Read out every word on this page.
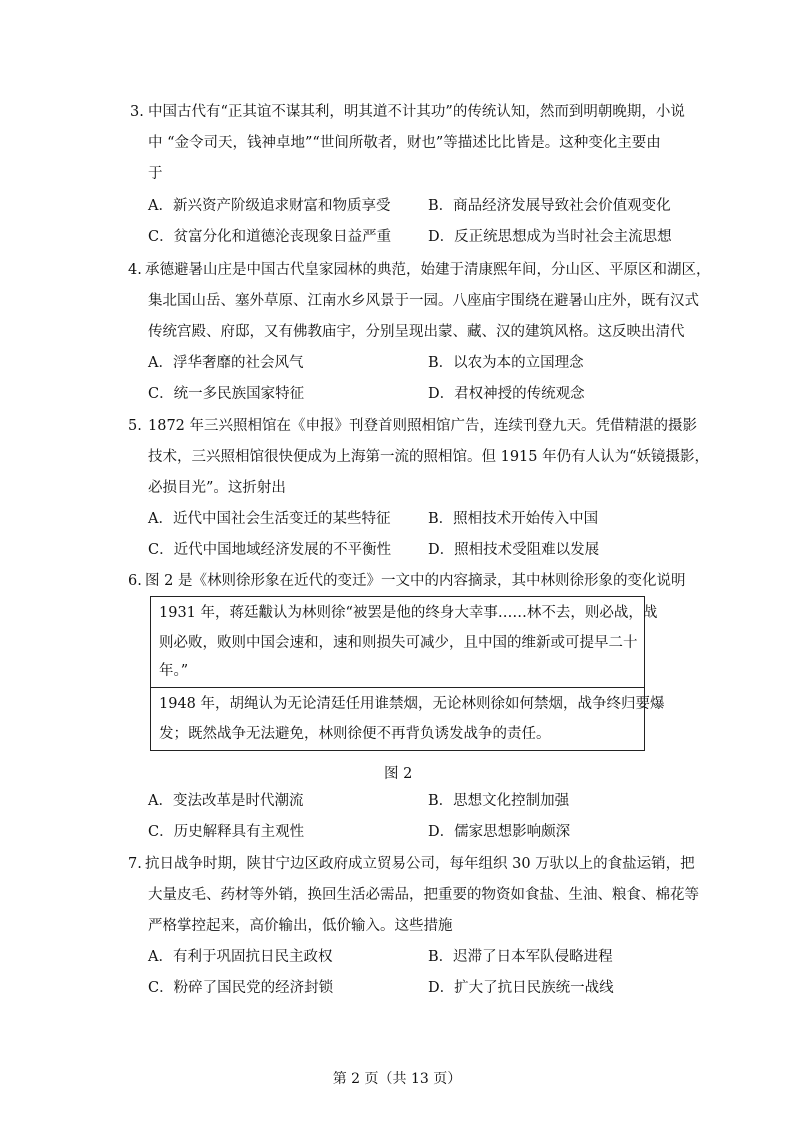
3. 中国古代有“正其谊不谋其利，明其道不计其功”的传统认知，然而到明朝晚期，小说
中 “金令司天，钱神卓地”“世间所敬者，财也”等描述比比皆是。这种变化主要由
于
A．新兴资产阶级追求财富和物质享受	B．商品经济发展导致社会价值观变化
C．贫富分化和道德沦丧现象日益严重	D．反正统思想成为当时社会主流思想
4. 承德避暑山庄是中国古代皇家园林的典范，始建于清康熙年间，分山区、平原区和湖区，
集北国山岳、塞外草原、江南水乡风景于一园。八座庙宇围绕在避暑山庄外，既有汉式
传统宫殿、府邸，又有佛教庙宇，分别呈现出蒙、藏、汉的建筑风格。这反映出清代
A．浮华奢靡的社会风气	B．以农为本的立国理念
C．统一多民族国家特征	D．君权神授的传统观念
5. 1872 年三兴照相馆在《申报》刊登首则照相馆广告，连续刊登九天。凭借精湛的摄影
技术，三兴照相馆很快便成为上海第一流的照相馆。但 1915 年仍有人认为“妖镜摄影，
必损目光”。这折射出
A．近代中国社会生活变迁的某些特征	B．照相技术开始传入中国
C．近代中国地域经济发展的不平衡性	D．照相技术受阻难以发展
6. 图 2 是《林则徐形象在近代的变迁》一文中的内容摘录，其中林则徐形象的变化说明
1931 年，蒋廷黻认为林则徐“被罢是他的终身大幸事……林不去，则必战，战
则必败，败则中国会速和，速和则损失可减少，且中国的维新或可提早二十
年。”
1948 年，胡绳认为无论清廷任用谁禁烟，无论林则徐如何禁烟，战争终归要爆
发；既然战争无法避免，林则徐便不再背负诱发战争的责任。
图 2
A．变法改革是时代潮流	B．思想文化控制加强
C．历史解释具有主观性	D．儒家思想影响颇深
7. 抗日战争时期，陕甘宁边区政府成立贸易公司，每年组织 30 万驮以上的食盐运销，把
大量皮毛、药材等外销，换回生活必需品，把重要的物资如食盐、生油、粮食、棉花等
严格掌控起来，高价输出，低价输入。这些措施
A．有利于巩固抗日民主政权	B．迟滞了日本军队侵略进程
C．粉碎了国民党的经济封锁	D．扩大了抗日民族统一战线
第 2 页（共 13 页）
